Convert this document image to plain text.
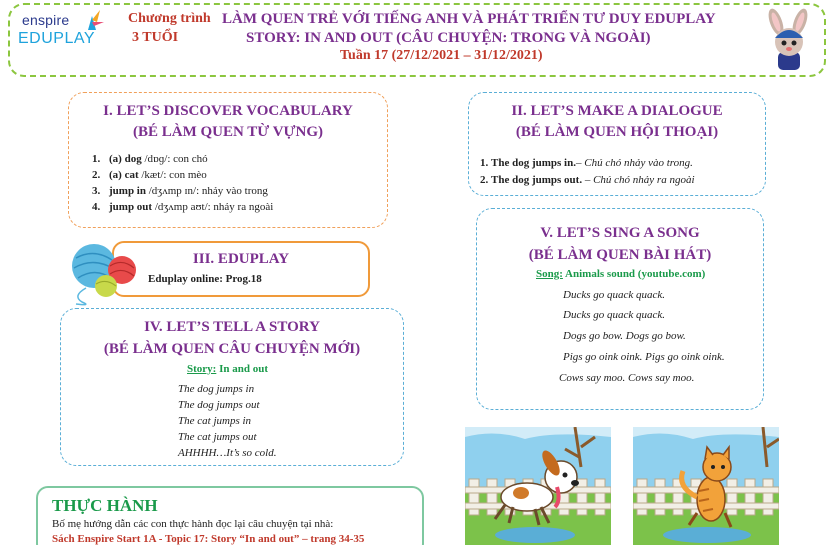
enspire
EDUPLAY
Chương trình
3 TUỔI
LÀM QUEN TRẺ VỚI TIẾNG ANH VÀ PHÁT TRIỂN TƯ DUY EDUPLAY
STORY: IN AND OUT (CÂU CHUYỆN: TRONG VÀ NGOÀI)
Tuần 17 (27/12/2021 – 31/12/2021)
I. LET’S DISCOVER VOCABULARY
(BÉ LÀM QUEN TỪ VỰNG)
1. (a) dog /dɒɡ/: con chó
2. (a) cat /kæt/: con mèo
3. jump in /dʒʌmp ɪn/: nhảy vào trong
4. jump out /dʒʌmp aʊt/: nhảy ra ngoài
II. LET’S MAKE A DIALOGUE
(BÉ LÀM QUEN HỘI THOẠI)
1. The dog jumps in.– Chú chó nhảy vào trong.
2. The dog jumps out. – Chú chó nhảy ra ngoài
III. EDUPLAY
Eduplay online: Prog.18
IV. LET’S TELL A STORY
(BÉ LÀM QUEN CÂU CHUYỆN MỚI)
Story: In and out
The dog jumps in
The dog jumps out
The cat jumps in
The cat jumps out
AHHHH…It’s so cold.
V. LET’S SING A SONG
(BÉ LÀM QUEN BÀI HÁT)
Song: Animals sound (youtube.com)
Ducks go quack quack.
Ducks go quack quack.
Dogs go bow. Dogs go bow.
Pigs go oink oink. Pigs go oink oink.
Cows say moo. Cows say moo.
THỰC HÀNH
Bố mẹ hướng dẫn các con thực hành đọc lại câu chuyện tại nhà:
Sách Enspire Start 1A - Topic 17: Story “In and out” – trang 34-35
